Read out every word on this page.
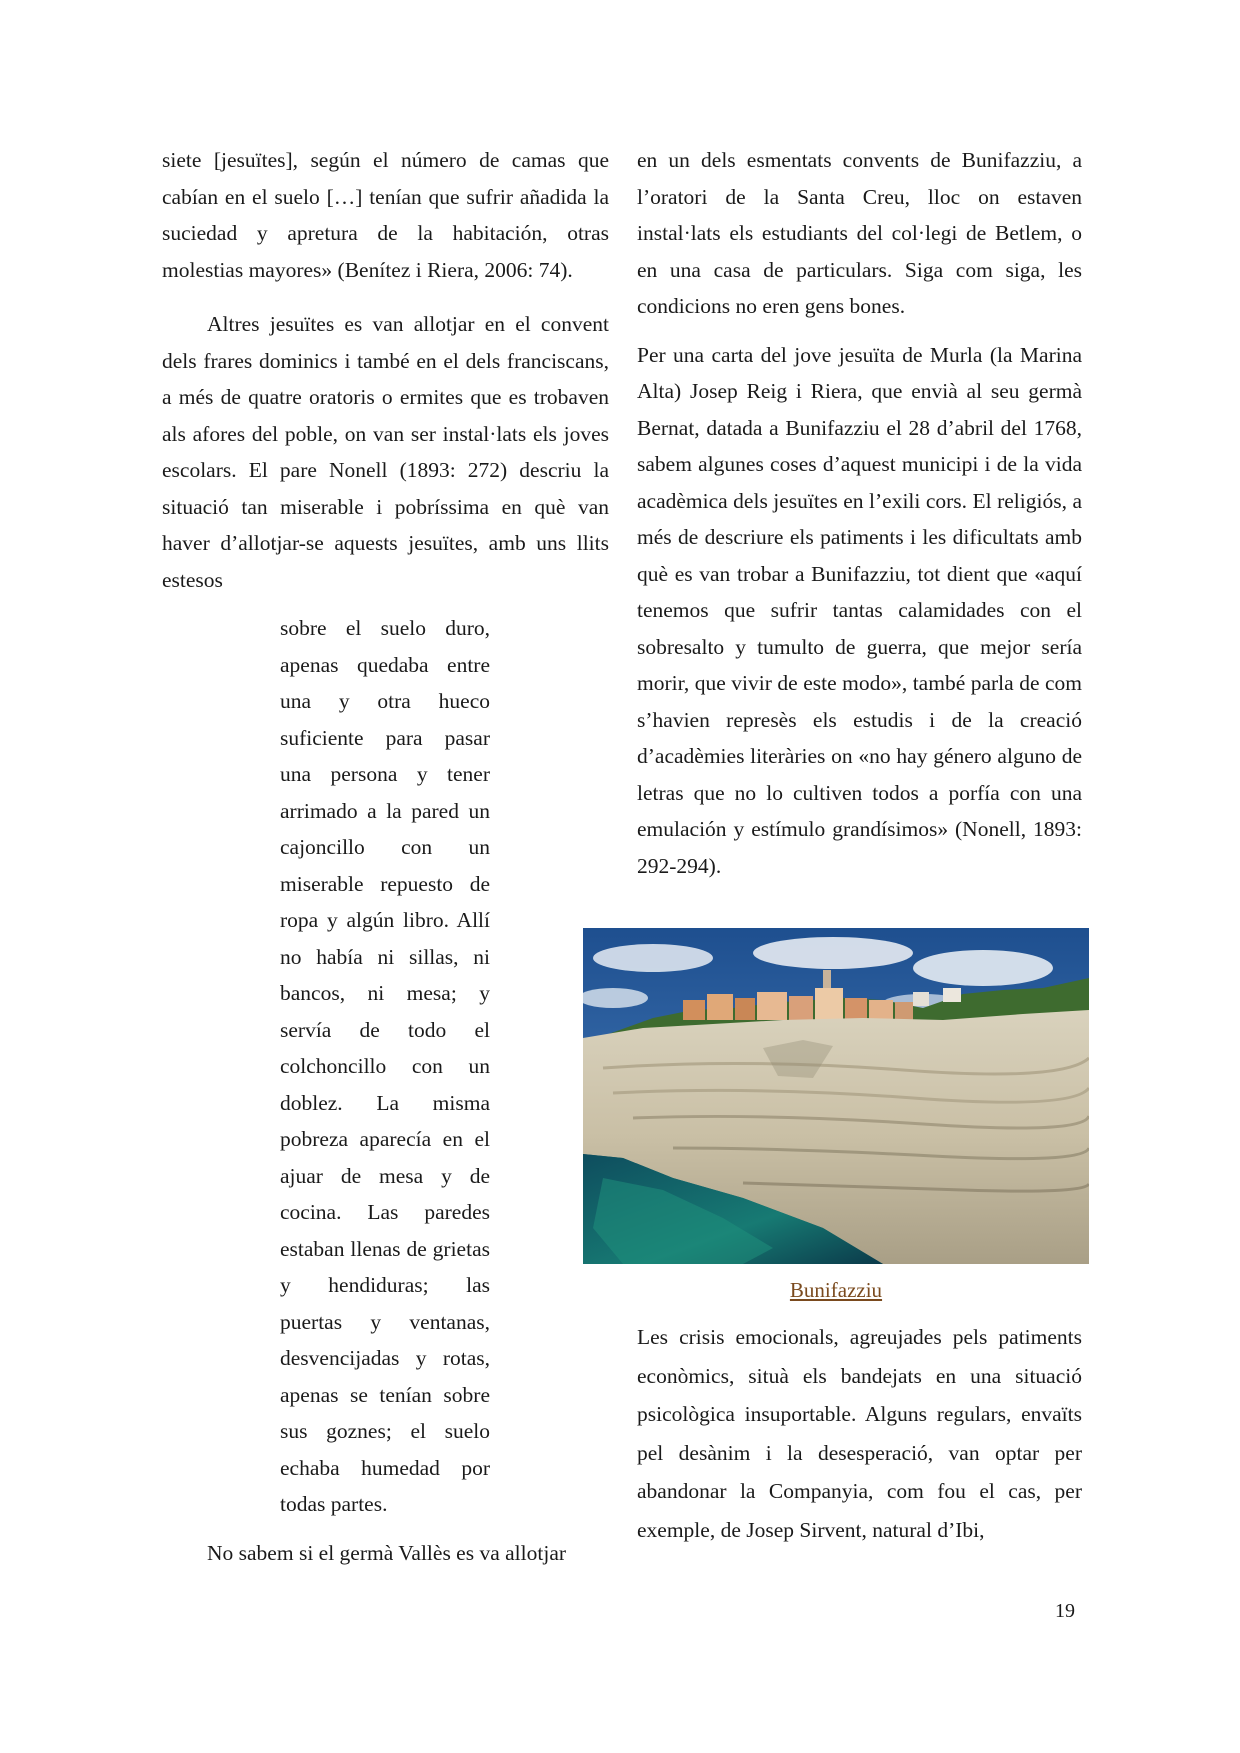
siete [jesuïtes], según el número de camas que cabían en el suelo […] tenían que sufrir añadida la suciedad y apretura de la habitación, otras molestias mayores» (Benítez i Riera, 2006: 74).

Altres jesuïtes es van allotjar en el convent dels frares dominics i també en el dels franciscans, a més de quatre oratoris o ermites que es trobaven als afores del poble, on van ser instal·lats els joves escolars. El pare Nonell (1893: 272) descriu la situació tan miserable i pobríssima en què van haver d’allotjar-se aquests jesuïtes, amb uns llits estesos

sobre el suelo duro, apenas quedaba entre una y otra hueco suficiente para pasar una persona y tener arrimado a la pared un cajoncillo con un miserable repuesto de ropa y algún libro. Allí no había ni sillas, ni bancos, ni mesa; y servía de todo el colchoncillo con un doblez. La misma pobreza aparecía en el ajuar de mesa y de cocina. Las paredes estaban llenas de grietas y hendiduras; las puertas y ventanas, desvencijadas y rotas, apenas se tenían sobre sus goznes; el suelo echaba humedad por todas partes.

No sabem si el germà Vallès es va allotjar

en un dels esmentats convents de Bunifazziu, a l’oratori de la Santa Creu, lloc on estaven instal·lats els estudiants del col·legi de Betlem, o en una casa de particulars. Siga com siga, les condicions no eren gens bones.

Per una carta del jove jesuïta de Murla (la Marina Alta) Josep Reig i Riera, que envià al seu germà Bernat, datada a Bunifazziu el 28 d’abril del 1768, sabem algunes coses d’aquest municipi i de la vida acadèmica dels jesuïtes en l’exili cors. El religiós, a més de descriure els patiments i les dificultats amb què es van trobar a Bunifazziu, tot dient que «aquí tenemos que sufrir tantas calamidades con el sobresalto y tumulto de guerra, que mejor sería morir, que vivir de este modo», també parla de com s’havien represès els estudis i de la creació d’acadèmies literàries on «no hay género alguno de letras que no lo cultiven todos a porfía con una emulación y estímulo grandísimos» (Nonell, 1893: 292-294).

Bunifazziu

Les crisis emocionals, agreujades pels patiments econòmics, situà els bandejats en una situació psicològica insuportable. Alguns regulars, envaïts pel desànim i la desesperació, van optar per abandonar la Companyia, com fou el cas, per exemple, de Josep Sirvent, natural d’Ibi,

19
